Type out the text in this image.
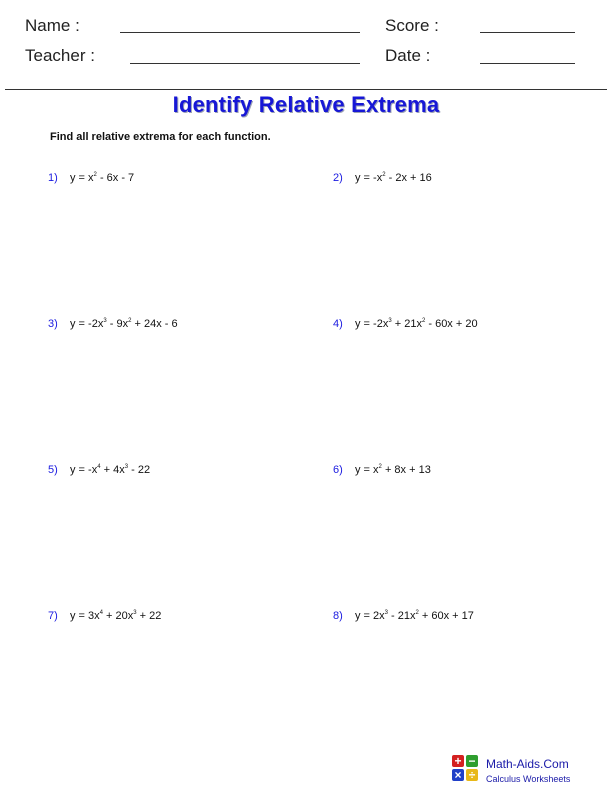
Name :	Score :
Teacher :	Date :
Identify Relative Extrema
Find all relative extrema for each function.
1) $y = x^2 - 6x - 7$	2) $y = -x^2 - 2x + 16$
3) $y = -2x^3 - 9x^2 + 24x - 6$	4) $y = -2x^3 + 21x^2 - 60x + 20$
5) $y = -x^4 + 4x^3 - 22$	6) $y = x^2 + 8x + 13$
7) $y = 3x^4 + 20x^3 + 22$	8) $y = 2x^3 - 21x^2 + 60x + 17$
+ −
× ÷
Math-Aids.Com
Calculus Worksheets
